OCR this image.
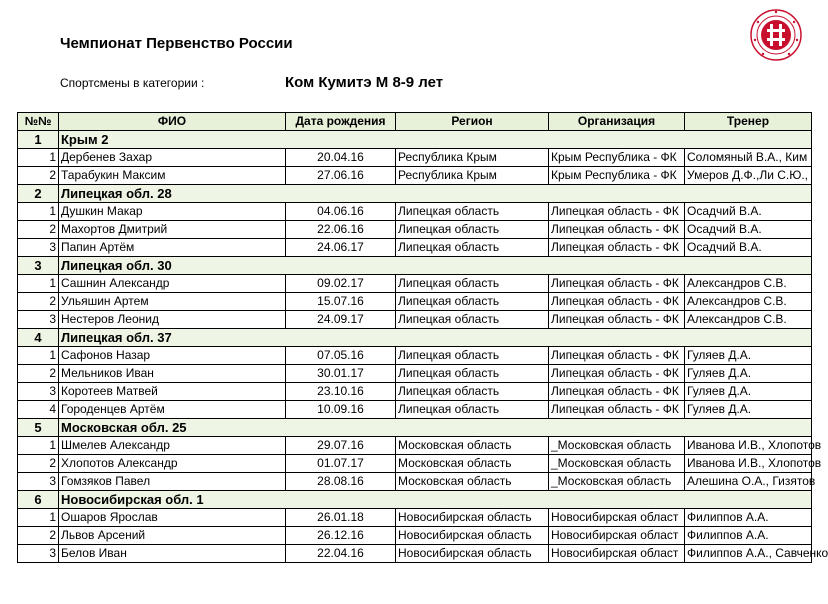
Чемпионат Первенство России
Спортсмены в категории :	Ком Кумитэ М 8-9 лет
№№	ФИО	Дата рождения	Регион	Организация	Тренер
1	Крым 2				
1	Дербенев Захар	20.04.16	Республика Крым	Крым Республика - ФК	Соломяный В.А., Ким
2	Тарабукин Максим	27.06.16	Республика Крым	Крым Республика - ФК	Умеров Д.Ф.,Ли С.Ю.,
2	Липецкая обл. 28				
1	Душкин Макар	04.06.16	Липецкая область	Липецкая область - ФК	Осадчий В.А.
2	Махортов Дмитрий	22.06.16	Липецкая область	Липецкая область - ФК	Осадчий В.А.
3	Папин Артём	24.06.17	Липецкая область	Липецкая область - ФК	Осадчий В.А.
3	Липецкая обл. 30				
1	Сашнин Александр	09.02.17	Липецкая область	Липецкая область - ФК	Александров С.В.
2	Ульяшин Артем	15.07.16	Липецкая область	Липецкая область - ФК	Александров С.В.
3	Нестеров Леонид	24.09.17	Липецкая область	Липецкая область - ФК	Александров С.В.
4	Липецкая обл. 37				
1	Сафонов Назар	07.05.16	Липецкая область	Липецкая область - ФК	Гуляев Д.А.
2	Мельников Иван	30.01.17	Липецкая область	Липецкая область - ФК	Гуляев Д.А.
3	Коротеев Матвей	23.10.16	Липецкая область	Липецкая область - ФК	Гуляев Д.А.
4	Городенцев Артём	10.09.16	Липецкая область	Липецкая область - ФК	Гуляев Д.А.
5	Московская обл. 25				
1	Шмелев Александр	29.07.16	Московская область	_Московская область	Иванова И.В., Хлопотов
2	Хлопотов Александр	01.07.17	Московская область	_Московская область	Иванова И.В., Хлопотов
3	Гомзяков Павел	28.08.16	Московская область	_Московская область	Алешина О.А., Гизятов
6	Новосибирская обл. 1				
1	Ошаров Ярослав	26.01.18	Новосибирская область	Новосибирская област	Филиппов А.А.
2	Львов Арсений	26.12.16	Новосибирская область	Новосибирская област	Филиппов А.А.
3	Белов Иван	22.04.16	Новосибирская область	Новосибирская област	Филиппов А.А., Савченко
